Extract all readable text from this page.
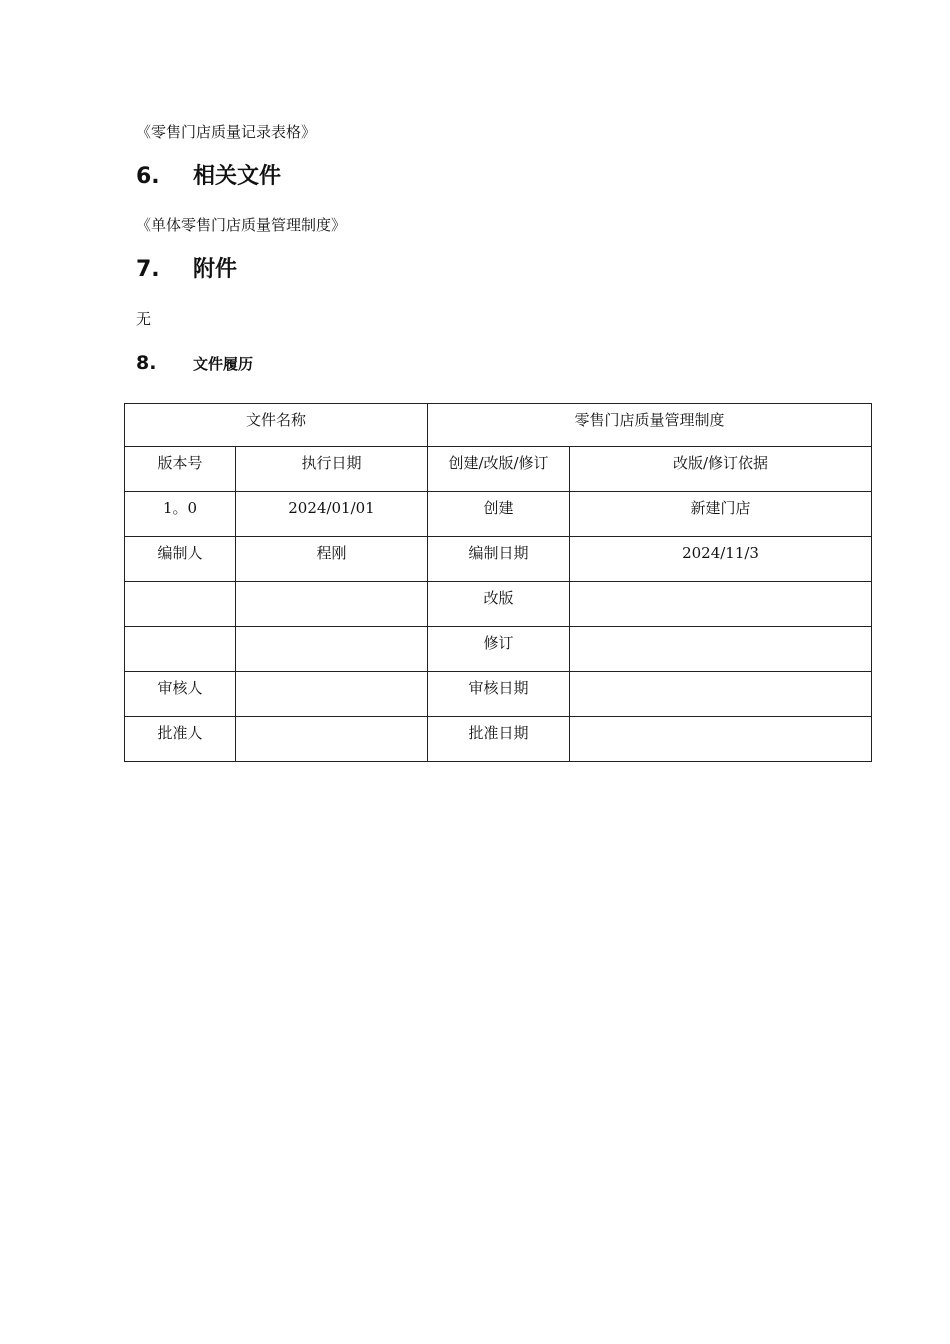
《零售门店质量记录表格》
6.	相关文件
《单体零售门店质量管理制度》
7.	附件
无
8.	文件履历
文件名称		零售门店质量管理制度	
版本号	执行日期	创建/改版/修订	改版/修订依据
1。0	2024/01/01	创建	新建门店
编制人	程刚	编制日期	2024/11/3
		改版	
		修订	
审核人		审核日期	
批准人		批准日期	
